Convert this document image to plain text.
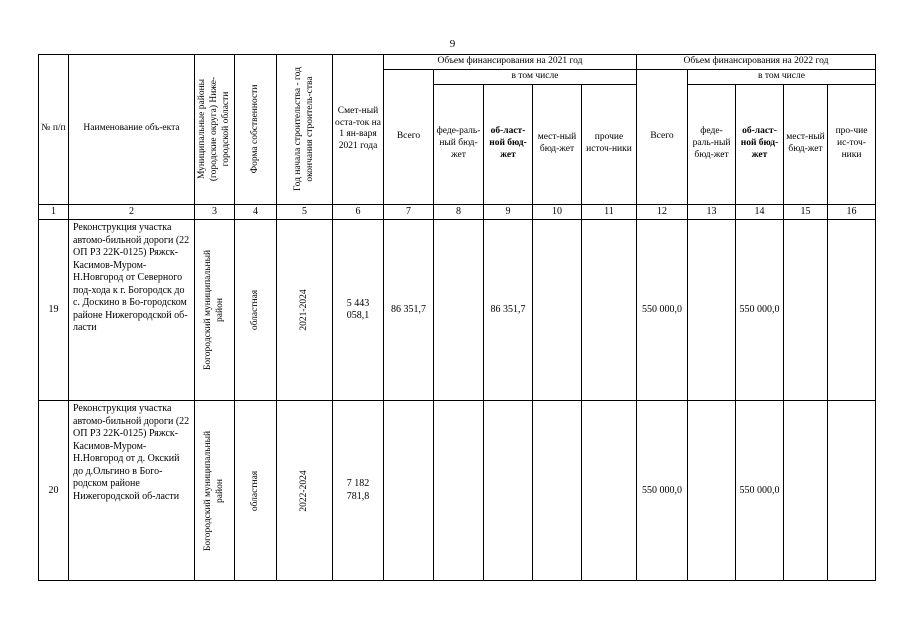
9
№ п/п	Наименование объ-екта	Муниципальные районы (городские округа) Ниже-городской области	Форма собственности	Год начала строительства - год окончания строитель-ства	Смет-ный оста-ток на 1 ян-варя 2021 года	Объем финансирования на 2021 год					Объем финансирования на 2022 год				
						Всего	в том числе				Всего	в том числе			
							феде-раль-ный бюд-жет	об-ласт-ной бюд-жет	мест-ный бюд-жет	прочие источ-ники		феде-раль-ный бюд-жет	об-ласт-ной бюд-жет	мест-ный бюд-жет	про-чие ис-точ-ники
1	2	3	4	5	6	7	8	9	10	11	12	13	14	15	16
19	Реконструкция участка автомо-бильной дороги (22 ОП РЗ 22К-0125) Ряжск-Касимов-Муром-Н.Новгород от Северного под-хода к г. Богородск до с. Доскино в Бо-городском районе Нижегородской об-ласти	Богородский муниципальный район	областная	2021-2024	5 443 058,1	86 351,7		86 351,7			550 000,0		550 000,0		
20	Реконструкция участка автомо-бильной дороги (22 ОП РЗ 22К-0125) Ряжск-Касимов-Муром-Н.Новгород от д. Окский до д.Ольгино в Бого-родском районе Нижегородской об-ласти	Богородский муниципальный район	областная	2022-2024	7 182 781,8						550 000,0		550 000,0		
